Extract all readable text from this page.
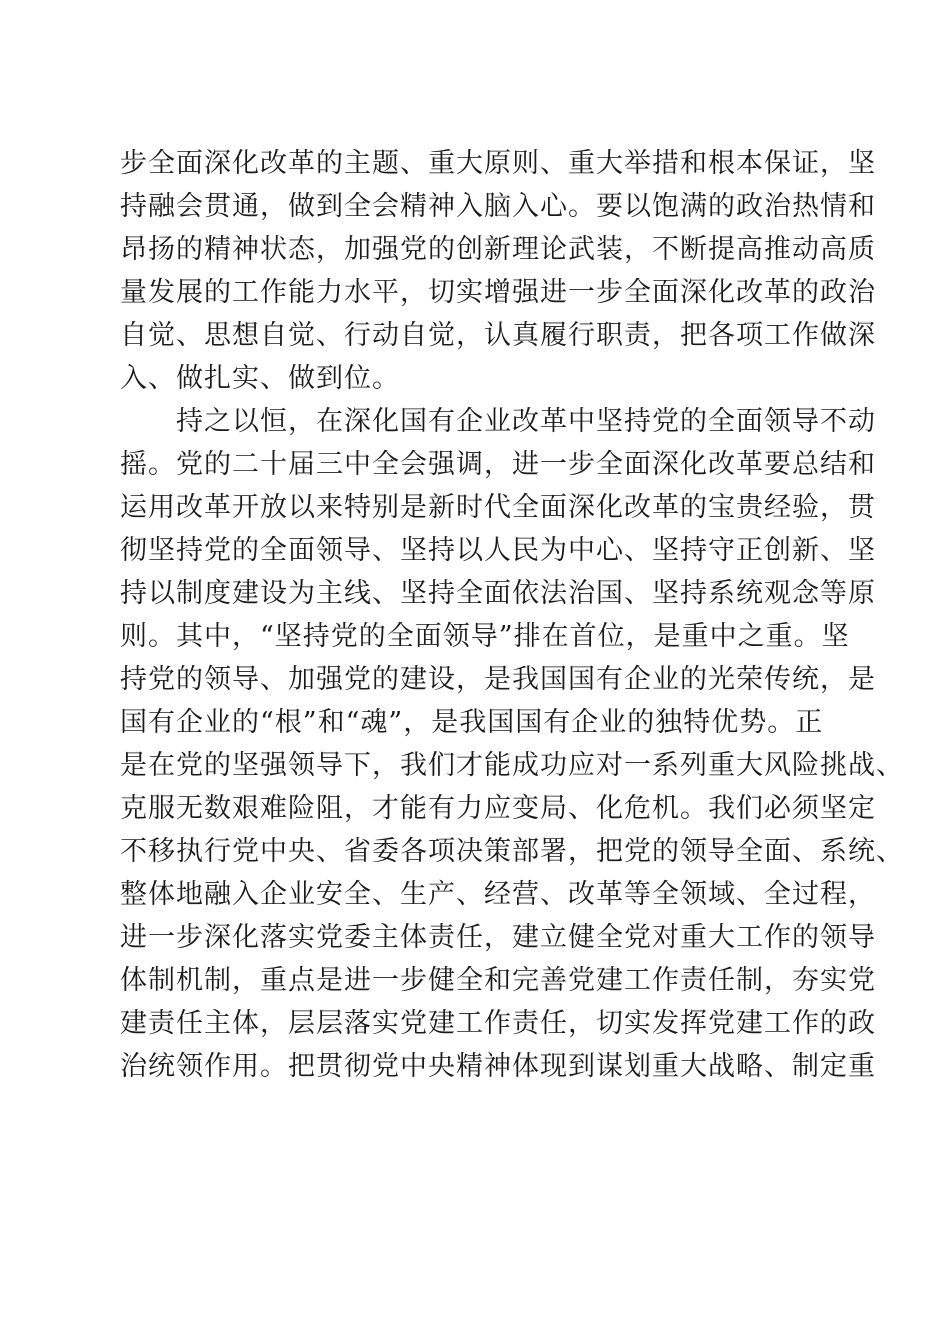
步全面深化改革的主题、重大原则、重大举措和根本保证，坚
持融会贯通，做到全会精神入脑入心。要以饱满的政治热情和
昂扬的精神状态，加强党的创新理论武装，不断提高推动高质
量发展的工作能力水平，切实增强进一步全面深化改革的政治
自觉、思想自觉、行动自觉，认真履行职责，把各项工作做深
入、做扎实、做到位。
持之以恒，在深化国有企业改革中坚持党的全面领导不动
摇。党的二十届三中全会强调，进一步全面深化改革要总结和
运用改革开放以来特别是新时代全面深化改革的宝贵经验，贯
彻坚持党的全面领导、坚持以人民为中心、坚持守正创新、坚
持以制度建设为主线、坚持全面依法治国、坚持系统观念等原
则。其中，“坚持党的全面领导”排在首位，是重中之重。坚
持党的领导、加强党的建设，是我国国有企业的光荣传统，是
国有企业的“根”和“魂”，是我国国有企业的独特优势。正
是在党的坚强领导下，我们才能成功应对一系列重大风险挑战、
克服无数艰难险阻，才能有力应变局、化危机。我们必须坚定
不移执行党中央、省委各项决策部署，把党的领导全面、系统、
整体地融入企业安全、生产、经营、改革等全领域、全过程，
进一步深化落实党委主体责任，建立健全党对重大工作的领导
体制机制，重点是进一步健全和完善党建工作责任制，夯实党
建责任主体，层层落实党建工作责任，切实发挥党建工作的政
治统领作用。把贯彻党中央精神体现到谋划重大战略、制定重
